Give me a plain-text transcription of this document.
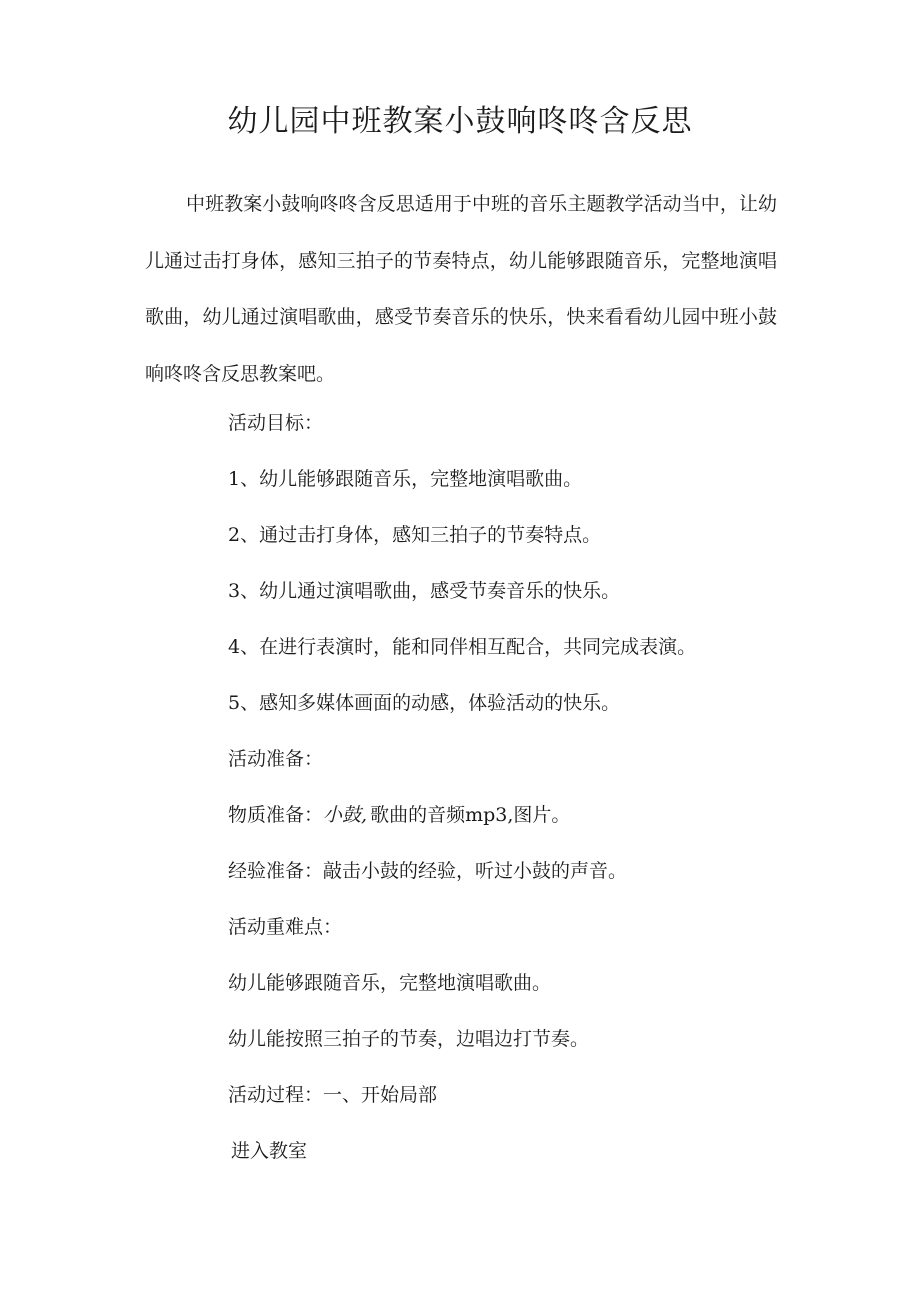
幼儿园中班教案小鼓响咚咚含反思

中班教案小鼓响咚咚含反思适用于中班的音乐主题教学活动当中，让幼儿通过击打身体，感知三拍子的节奏特点，幼儿能够跟随音乐，完整地演唱歌曲，幼儿通过演唱歌曲，感受节奏音乐的快乐，快来看看幼儿园中班小鼓响咚咚含反思教案吧。

活动目标：

1、幼儿能够跟随音乐，完整地演唱歌曲。

2、通过击打身体，感知三拍子的节奏特点。

3、幼儿通过演唱歌曲，感受节奏音乐的快乐。

4、在进行表演时，能和同伴相互配合，共同完成表演。

5、感知多媒体画面的动感，体验活动的快乐。

活动准备：

物质准备：小鼓, 歌曲的音频mp3,图片。

经验准备：敲击小鼓的经验，听过小鼓的声音。

活动重难点：

幼儿能够跟随音乐，完整地演唱歌曲。

幼儿能按照三拍子的节奏，边唱边打节奏。

活动过程：一、开始局部

进入教室
